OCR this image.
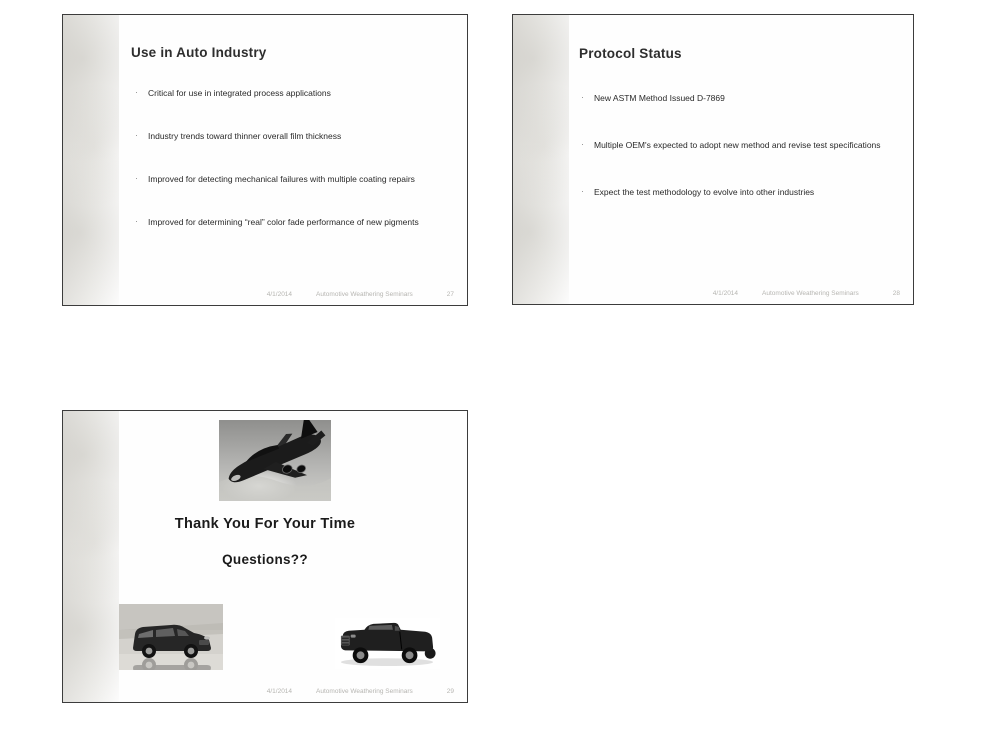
Use in Auto Industry
· Critical for use in integrated process applications
· Industry trends toward thinner overall film thickness
· Improved for detecting mechanical failures with multiple coating repairs
· Improved for determining “real” color fade performance of new pigments
4/1/2014	Automotive Weathering Seminars	27
Protocol Status
· New ASTM Method Issued D-7869
· Multiple OEM's expected to adopt new method and revise test specifications
· Expect the test methodology to evolve into other industries
4/1/2014	Automotive Weathering Seminars	28
Thank You For Your Time
Questions??
4/1/2014	Automotive Weathering Seminars	29
